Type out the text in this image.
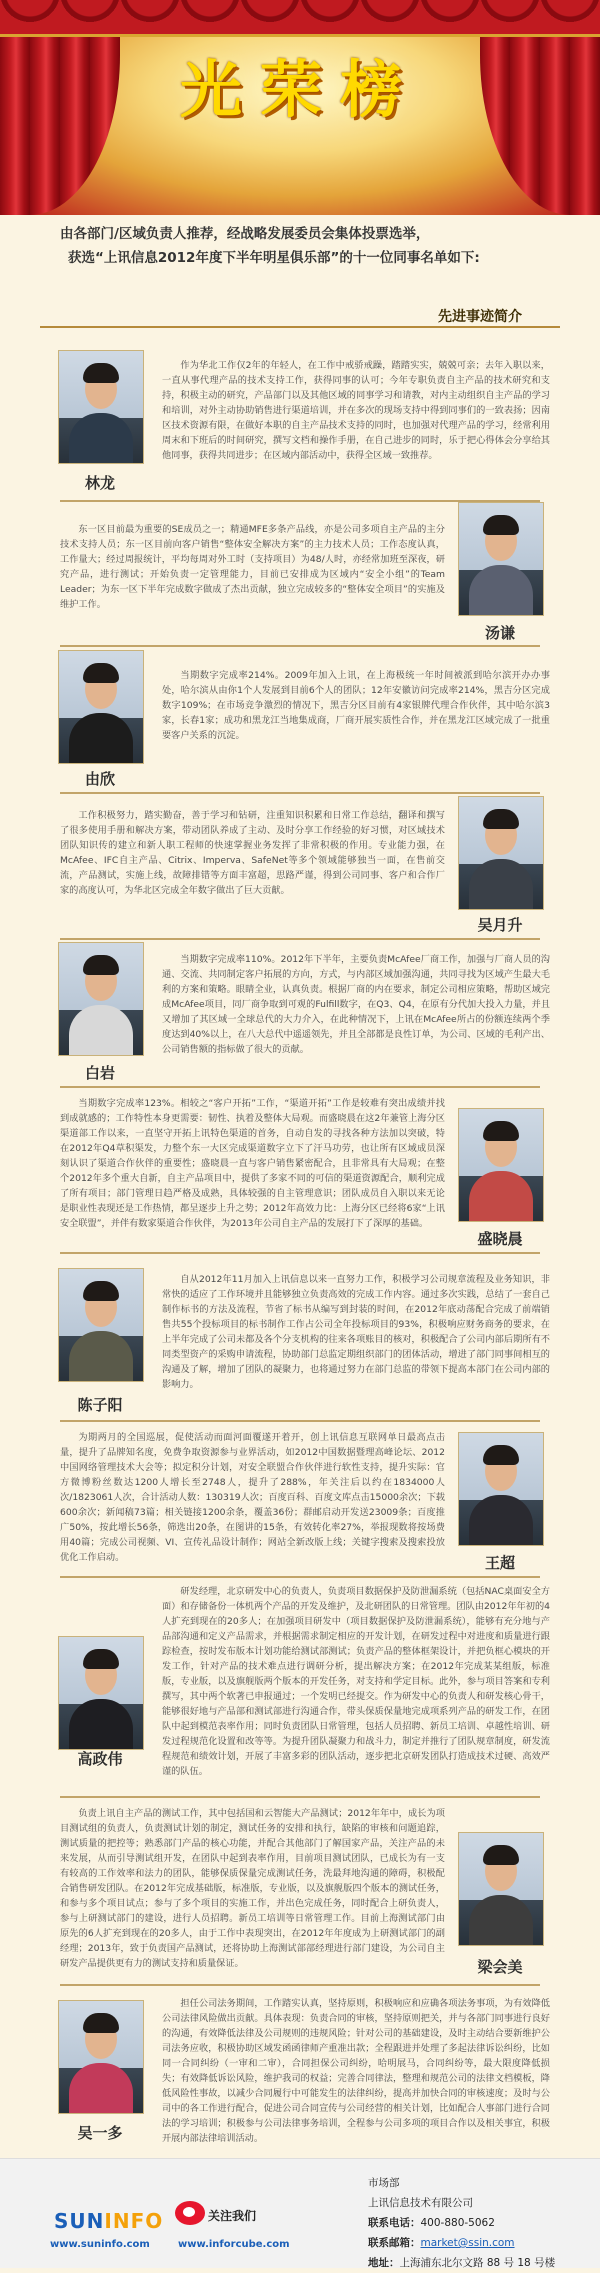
光荣榜

由各部门/区域负责人推荐，经战略发展委员会集体投票选举，

获选“上讯信息2012年度下半年明星俱乐部”的十一位同事名单如下:

先进事迹简介
林龙
作为华北工作仅2年的年轻人，在工作中戒骄戒躁，踏踏实实，兢兢可亲；去年入职以来，一直从事代理产品的技术支持工作，获得同事的认可；今年专职负责自主产品的技术研究和支持，积极主动的研究，产品部门以及其他区域的同事学习和请教，对内主动组织自主产品的学习和培训，对外主动协助销售进行渠道培训，并在多次的现场支持中得到同事们的一致表扬；因南区技术资源有限，在做好本职的自主产品技术支持的同时，也加强对代理产品的学习，经常利用周末和下班后的时间研究，撰写文档和操作手册，在自己进步的同时，乐于把心得体会分享给其他同事，获得共同进步；在区域内部活动中，获得全区域一致推荐。
汤谦
东一区目前最为重要的SE成员之一；精通MFE多条产品线，亦是公司多项自主产品的主分技术支持人员；东一区目前向客户销售“整体安全解决方案”的主力技术人员；工作态度认真，工作量大；经过周报统计，平均每周对外工时（支持项目）为48/人时，亦经常加班至深夜，研究产品，进行测试；开始负责一定管理能力，目前已安排成为区域内“安全小组”的Team Leader；为东一区下半年完成数字做成了杰出贡献，独立完成较多的“整体安全项目”的实施及维护工作。
由欣
当期数字完成率214%。2009年加入上讯，在上海极统一年时间被派到哈尔滨开办办事处，哈尔滨从由你1个人发展到目前6个人的团队；12年安徽访问完成率214%，黑吉分区完成数字109%；在市场竞争激烈的情况下，黑吉分区目前有4家银牌代理合作伙伴，其中哈尔滨3家，长春1家；成功和黑龙江当地集成商，厂商开展实质性合作，并在黑龙江区域完成了一批重要客户关系的沉淀。
吴月升
工作积极努力，踏实勤奋，善于学习和钻研，注重知识积累和日常工作总结，翻译和撰写了很多使用手册和解决方案，带动团队养成了主动、及时分享工作经验的好习惯，对区域技术团队知识传的建立和新人职工程师的快速掌握业务发挥了非常积极的作用。专业能力强，在McAfee、IFC自主产品、Citrix、Imperva、SafeNet等多个领域能够独当一面，在售前交流，产品测试，实施上线，故障排错等方面丰富超，思路严谨，得到公司同事、客户和合作厂家的高度认可，为华北区完成全年数字做出了巨大贡献。
白岩
当期数字完成率110%。2012年下半年，主要负责McAfee厂商工作，加强与厂商人员的沟通、交流、共同制定客户拓展的方向，方式，与内部区域加强沟通，共同寻找为区域产生最大毛利的方案和策略。眼睛全业，认真负责。根据厂商的内在要求，制定公司相应策略，帮助区域完成McAfee项目，同厂商争取到可观的Fulfill数字，在Q3、Q4，在原有分代加大投入力量，并且又增加了其区域一全球总代的大力介入，在此种情况下，上讯在McAfee所占的份额连续两个季度达到40%以上，在八大总代中遥遥领先，并且全部都是良性订单，为公司、区域的毛利产出、公司销售额的指标做了很大的贡献。
盛晓晨
当期数字完成率123%。相较之“客户开拓”工作，“渠道开拓”工作是较难有突出成绩并找到成就感的；工作特性本身更需要：韧性、执着及整体大局观。而盛晓晨在这2年兼管上海分区渠道部工作以来，一直坚守开拓上讯特色渠道的首务，自动自发的寻找各种方法加以突破，特在2012年Q4草积渠发，力整个东一大区完成渠道数字立下了汗马功劳，也让所有区域成员深刻认识了渠道合作伙伴的重要性；盛晓晨一直与客户销售紧密配合，且非常具有大局观；在整个2012年多个重大自新，自主产品项目中，提供了多家不同的可信的渠道资源配合，顺利完成了所有项目；部门管理日趋严格及成熟，具体较强的自主管理意识；团队成员自入职以来无论是职业性表现还是工作热情，都呈逐步上升之势；2012年高效力比：上海分区已经将6家“上讯安全联盟”，并伴有数家渠道合作伙伴，为2013年公司自主产品的发展打下了深厚的基础。
陈子阳
自从2012年11月加入上讯信息以来一直努力工作，积极学习公司规章流程及业务知识，非常快的适应了工作环境并且能够独立负责高效的完成工作内容。通过多次实践，总结了一套自己制作标书的方法及流程，节省了标书从编写到封装的时间，在2012年底动荡配合完成了前端销售共55个投标项目的标书制作工作占公司全年投标项目的93%，积极响应财务商务的要求，在上半年完成了公司未都及各个分支机构的往来各项账目的核对，积极配合了公司内部后期所有不同类型资产的采购申请流程，协助部门总监定期组织部门的团体活动，增进了部门同事间相互的沟通及了解，增加了团队的凝聚力，也将通过努力在部门总监的带领下提高本部门在公司内部的影响力。
王超
为期两月的全国巡展，促使活动而面河面覆遂开着开，创上讯信息互联网单日最高点击量，提升了品牌知名度，免费争取资源参与业界活动，如2012中国数据暨理高峰论坛、2012中国网络管理技术大会等；拟定积分计划，对安全联盟合作伙伴进行软性支持，提升实际：官方微博粉丝数达1200人增长至2748人，提升了288%，年关注后以约在1834000人次/1823061人次，合计活动人数：130319人次；百度百科、百度文库点击15000余次；下载600余次；新闻稿73篇；相关链接1200余条，覆盖36份；群邮启动开发送23009条；百度推广50%，按此增长56条，筛选出20条，在图讲的15条，有效转化率27%，举报现数将按场费用40篇；完成公司视频、VI、宣传礼品设计制作；网站全新改版上线；关键字搜索及搜索投放优化工作启动。
高政伟
研发经理，北京研发中心的负责人，负责项目数据保护及防泄漏系统（包括NAC桌面安全方面）和存储备份一体机两个产品的开发及维护，及北研团队的日常管理。团队由2012年年初的4人扩充到现在的20多人；在加强项目研发中（项目数据保护及防泄漏系统），能够有充分地与产品部沟通和定义产品需求，并根据需求制定相应的开发计划，在研发过程中对进度和质量进行跟踪检查，按时发布版本计划功能给测试部测试；负责产品的整体框架设计，并把负框心模块的开发工作，针对产品的技术难点进行调研分析，提出解决方案；在2012年完成某某组版，标准版，专业版，以及旗舰版两个版本的开发任务，对支持和学定目标。此外，参与项目答案和专利撰写，其中两个软著已申报通过；一个发明已经提交。作为研发中心的负责人和研发核心骨干，能够很好地与产品部和测试部进行沟通合作，带头保质保量地完成项系列产品的研发工作，在团队中起到模范表率作用；同时负责团队日常管理，包括人员招聘、新员工培训、卓越性培训、研发过程规范化设置和改等等。为提升团队凝聚力和战斗力，制定并推行了团队规章制度，研发流程规范和绩效计划，开展了丰富多彩的团队活动，逐步把北京研发团队打造成技术过硬、高效严谨的队伍。
梁会美
负责上讯自主产品的测试工作，其中包括国和云智能大产品测试；2012年年中，成长为项目测试组的负责人，负责测试计划的制定，测试任务的安排和执行，缺陷的审核和问题追踪，测试质量的把控等；熟悉部门产品的核心功能，并配合其他部门了解国家产品，关注产品的未来发展，从而引导测试组开发，在团队中起到表率作用，目前项目测试团队，已成长为有一支有较高的工作效率和法力的团队，能够保质保量完成测试任务，洗最拜地沟通的障碍，积极配合销售研发团队。在2012年完成基础版，标准版，专业版，以及旗舰版四个版本的测试任务，和参与多个项目试点；参与了多个项目的实施工作，并出色完成任务，同时配合上研负责人，参与上研测试部门的建设，进行人员招聘。新员工培训等日常管理工作。目前上海测试部门由原先的6人扩充到现在的20多人，由于工作中表现突出，在2012年年度成为上研测试部门的副经理；2013年，致于负责国产品测试，还将协助上海测试部部经理进行部门建设，为公司自主研发产品提供更有力的测试支持和质量保证。
吴一多
担任公司法务期间，工作踏实认真，坚持原则，积极响应和应确各项法务事项，为有效降低公司法律风险做出贡献。具体表现：负责合同的审核，坚持原则把关，并与各部门同事进行良好的沟通，有效降低法律及公司规则的违规风险；针对公司的基础建设，及时主动结合要新维护公司法务应收，积极协助区域发函函律师产重准出款；全程跟进并处理了多起法律诉讼纠纷，比如同一合同纠纷（一审和二审），合同担保公司纠纷，哈明展马，合同纠纷等，最大限度降低损失；有效降低诉讼风险，维护我司的权益；完善合同律法，整理和规范公司的法律文档模板，降低风险性事故，以减少合同履行中可能发生的法律纠纷，提高并加快合同的审核速度；及时与公司中的各工作进行配合，促进公司合同宣传与公司经营的相关计划，比如配合人事部门进行合同法的学习培训；积极参与公司法律事务培训，全程参与公司多项的项目合作以及相关事宜，积极开展内部法律培训活动。
SUNINFO
www.suninfo.com
关注我们
www.inforcube.com
市场部
上讯信息技术有限公司
联系电话：400-880-5062
联系邮箱：market@ssin.com
地址：上海浦东北尔文路 88 号 18 号楼
